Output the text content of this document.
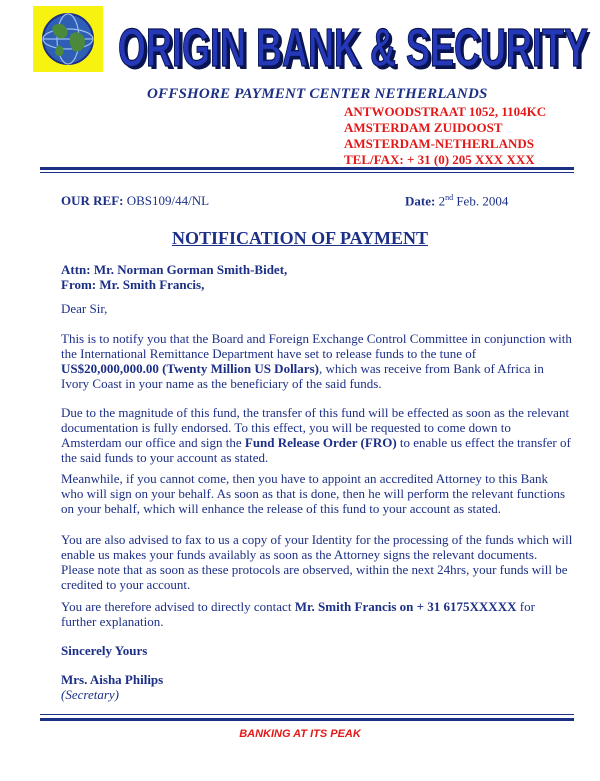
ORIGIN BANK & SECURITY
ORIGIN BANK & SECURITY
OFFSHORE PAYMENT CENTER NETHERLANDS
ANTWOODSTRAAT 1052, 1104KC
AMSTERDAM ZUIDOOST
AMSTERDAM-NETHERLANDS
TEL/FAX: + 31 (0) 205 XXX XXX
OUR REF: OBS109/44/NL	Date: 2nd Feb. 2004
NOTIFICATION OF PAYMENT
Attn: Mr. Norman Gorman Smith-Bidet,
From: Mr. Smith Francis,
Dear Sir,

This is to notify you that the Board and Foreign Exchange Control Committee in conjunction with the International Remittance Department have set to release funds to the tune of US$20,000,000.00 (Twenty Million US Dollars), which was receive from Bank of Africa in Ivory Coast in your name as the beneficiary of the said funds.

Due to the magnitude of this fund, the transfer of this fund will be effected as soon as the relevant documentation is fully endorsed. To this effect, you will be requested to come down to Amsterdam our office and sign the Fund Release Order (FRO) to enable us effect the transfer of the said funds to your account as stated.

Meanwhile, if you cannot come, then you have to appoint an accredited Attorney to this Bank who will sign on your behalf. As soon as that is done, then he will perform the relevant functions on your behalf, which will enhance the release of this fund to your account as stated.

You are also advised to fax to us a copy of your Identity for the processing of the funds which will enable us makes your funds availably as soon as the Attorney signs the relevant documents. Please note that as soon as these protocols are observed, within the next 24hrs, your funds will be credited to your account.

You are therefore advised to directly contact Mr. Smith Francis on + 31 6175XXXXX for further explanation.

Sincerely Yours
Mrs. Aisha Philips
(Secretary)
BANKING AT ITS PEAK
